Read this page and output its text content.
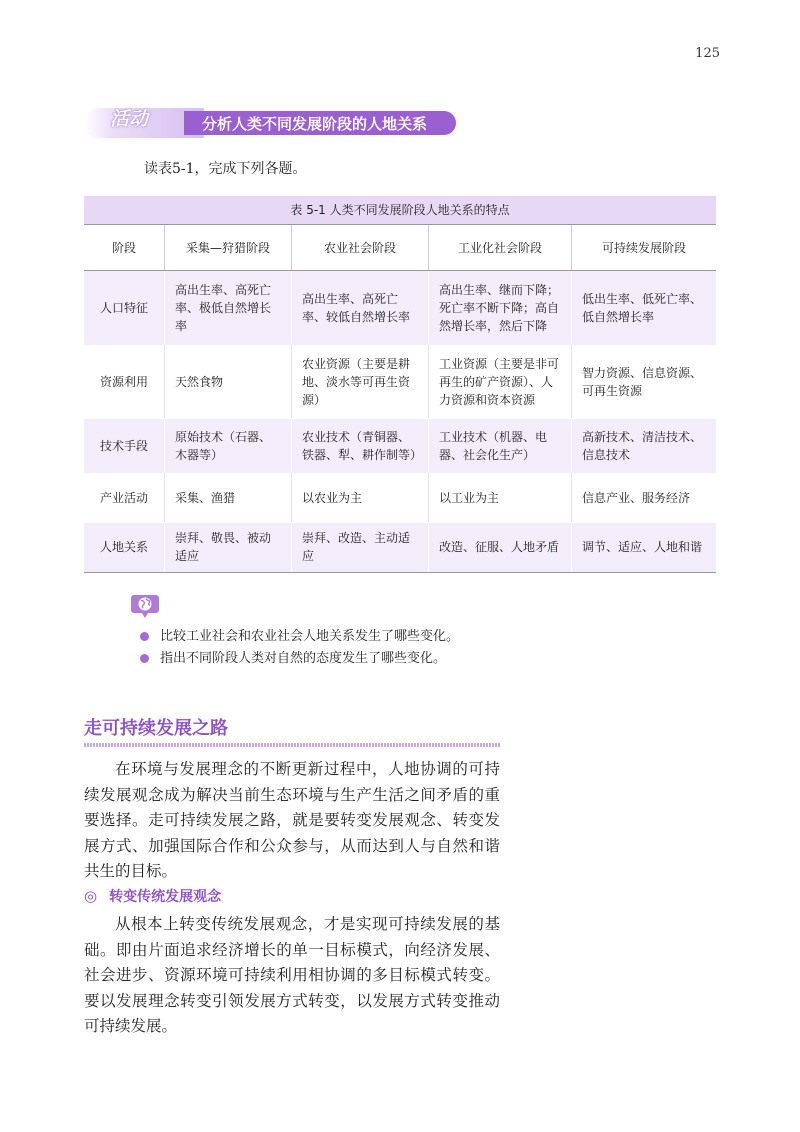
125
活动	分析人类不同发展阶段的人地关系
读表5-1，完成下列各题。
表 5-1 人类不同发展阶段人地关系的特点
阶段	采集—狩猎阶段	农业社会阶段	工业化社会阶段	可持续发展阶段
人口特征	高出生率、高死亡率、极低自然增长率	高出生率、高死亡率、较低自然增长率	高出生率、继而下降；死亡率不断下降；高自然增长率，然后下降	低出生率、低死亡率、低自然增长率
资源利用	天然食物	农业资源（主要是耕地、淡水等可再生资源）	工业资源（主要是非可再生的矿产资源）、人力资源和资本资源	智力资源、信息资源、可再生资源
技术手段	原始技术（石器、木器等）	农业技术（青铜器、铁器、犁、耕作制等）	工业技术（机器、电器、社会化生产）	高新技术、清洁技术、信息技术
产业活动	采集、渔猎	以农业为主	以工业为主	信息产业、服务经济
人地关系	崇拜、敬畏、被动适应	崇拜、改造、主动适应	改造、征服、人地矛盾	调节、适应、人地和谐
比较工业社会和农业社会人地关系发生了哪些变化。
指出不同阶段人类对自然的态度发生了哪些变化。
走可持续发展之路

在环境与发展理念的不断更新过程中，人地协调的可持续发展观念成为解决当前生态环境与生产生活之间矛盾的重要选择。走可持续发展之路，就是要转变发展观念、转变发展方式、加强国际合作和公众参与，从而达到人与自然和谐共生的目标。

◎ 转变传统发展观念

从根本上转变传统发展观念，才是实现可持续发展的基础。即由片面追求经济增长的单一目标模式，向经济发展、社会进步、资源环境可持续利用相协调的多目标模式转变。要以发展理念转变引领发展方式转变，以发展方式转变推动可持续发展。
